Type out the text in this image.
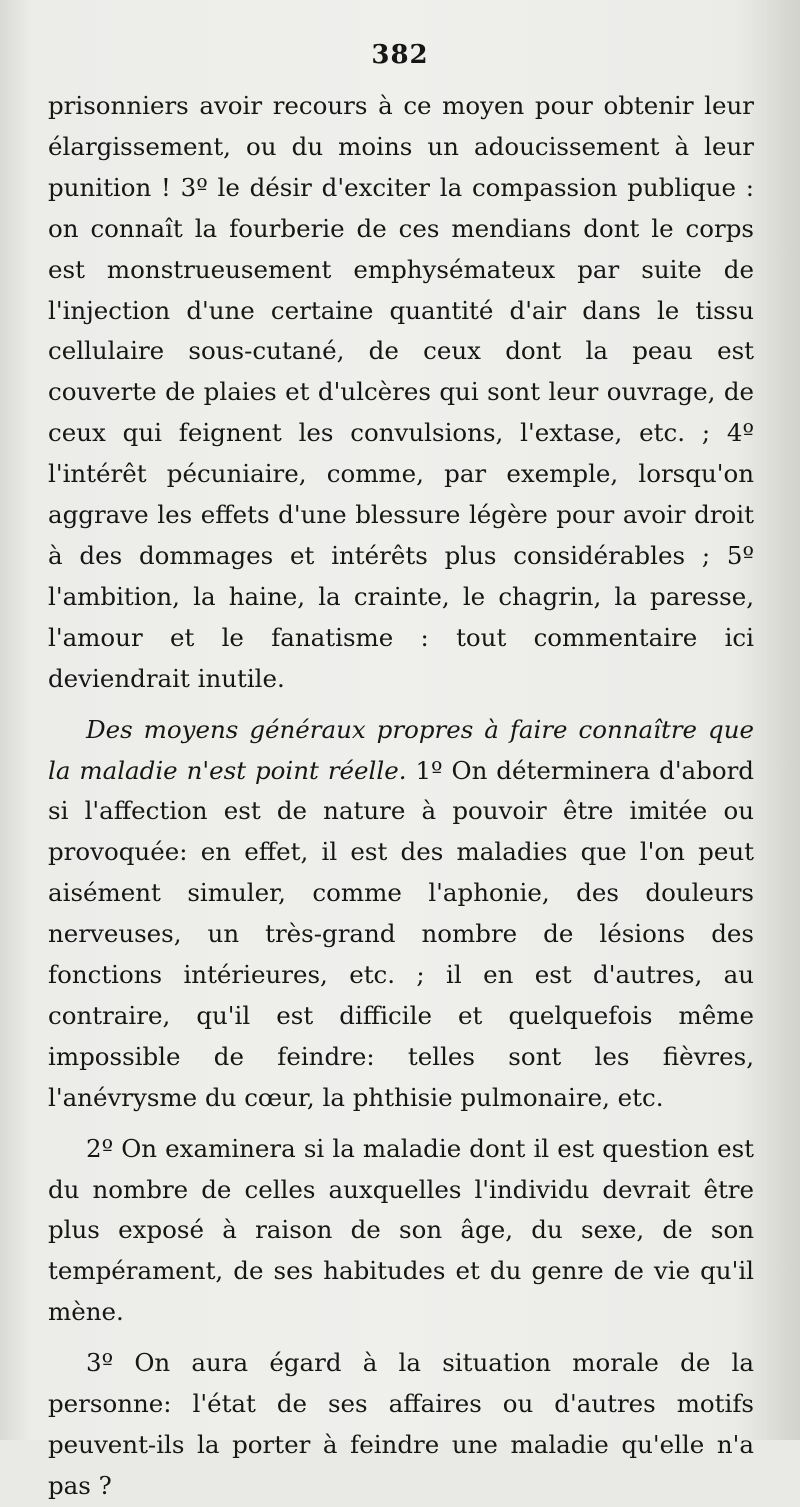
382

prisonniers avoir recours à ce moyen pour obtenir leur élargissement, ou du moins un adoucissement à leur punition ! 3º le désir d'exciter la compassion publique : on connaît la fourberie de ces mendians dont le corps est monstrueusement emphysémateux par suite de l'injection d'une certaine quantité d'air dans le tissu cellulaire sous-cutané, de ceux dont la peau est couverte de plaies et d'ulcères qui sont leur ouvrage, de ceux qui feignent les convulsions, l'extase, etc. ; 4º l'intérêt pécuniaire, comme, par exemple, lorsqu'on aggrave les effets d'une blessure légère pour avoir droit à des dommages et intérêts plus considérables ; 5º l'ambition, la haine, la crainte, le chagrin, la paresse, l'amour et le fanatisme : tout commentaire ici deviendrait inutile.

Des moyens généraux propres à faire connaître que la maladie n'est point réelle. 1º On déterminera d'abord si l'affection est de nature à pouvoir être imitée ou provoquée: en effet, il est des maladies que l'on peut aisément simuler, comme l'aphonie, des douleurs nerveuses, un très-grand nombre de lésions des fonctions intérieures, etc. ; il en est d'autres, au contraire, qu'il est difficile et quelquefois même impossible de feindre: telles sont les fièvres, l'anévrysme du cœur, la phthisie pulmonaire, etc.

2º On examinera si la maladie dont il est question est du nombre de celles auxquelles l'individu devrait être plus exposé à raison de son âge, du sexe, de son tempérament, de ses habitudes et du genre de vie qu'il mène.

3º On aura égard à la situation morale de la personne: l'état de ses affaires ou d'autres motifs peuvent-ils la porter à feindre une maladie qu'elle n'a pas ?
